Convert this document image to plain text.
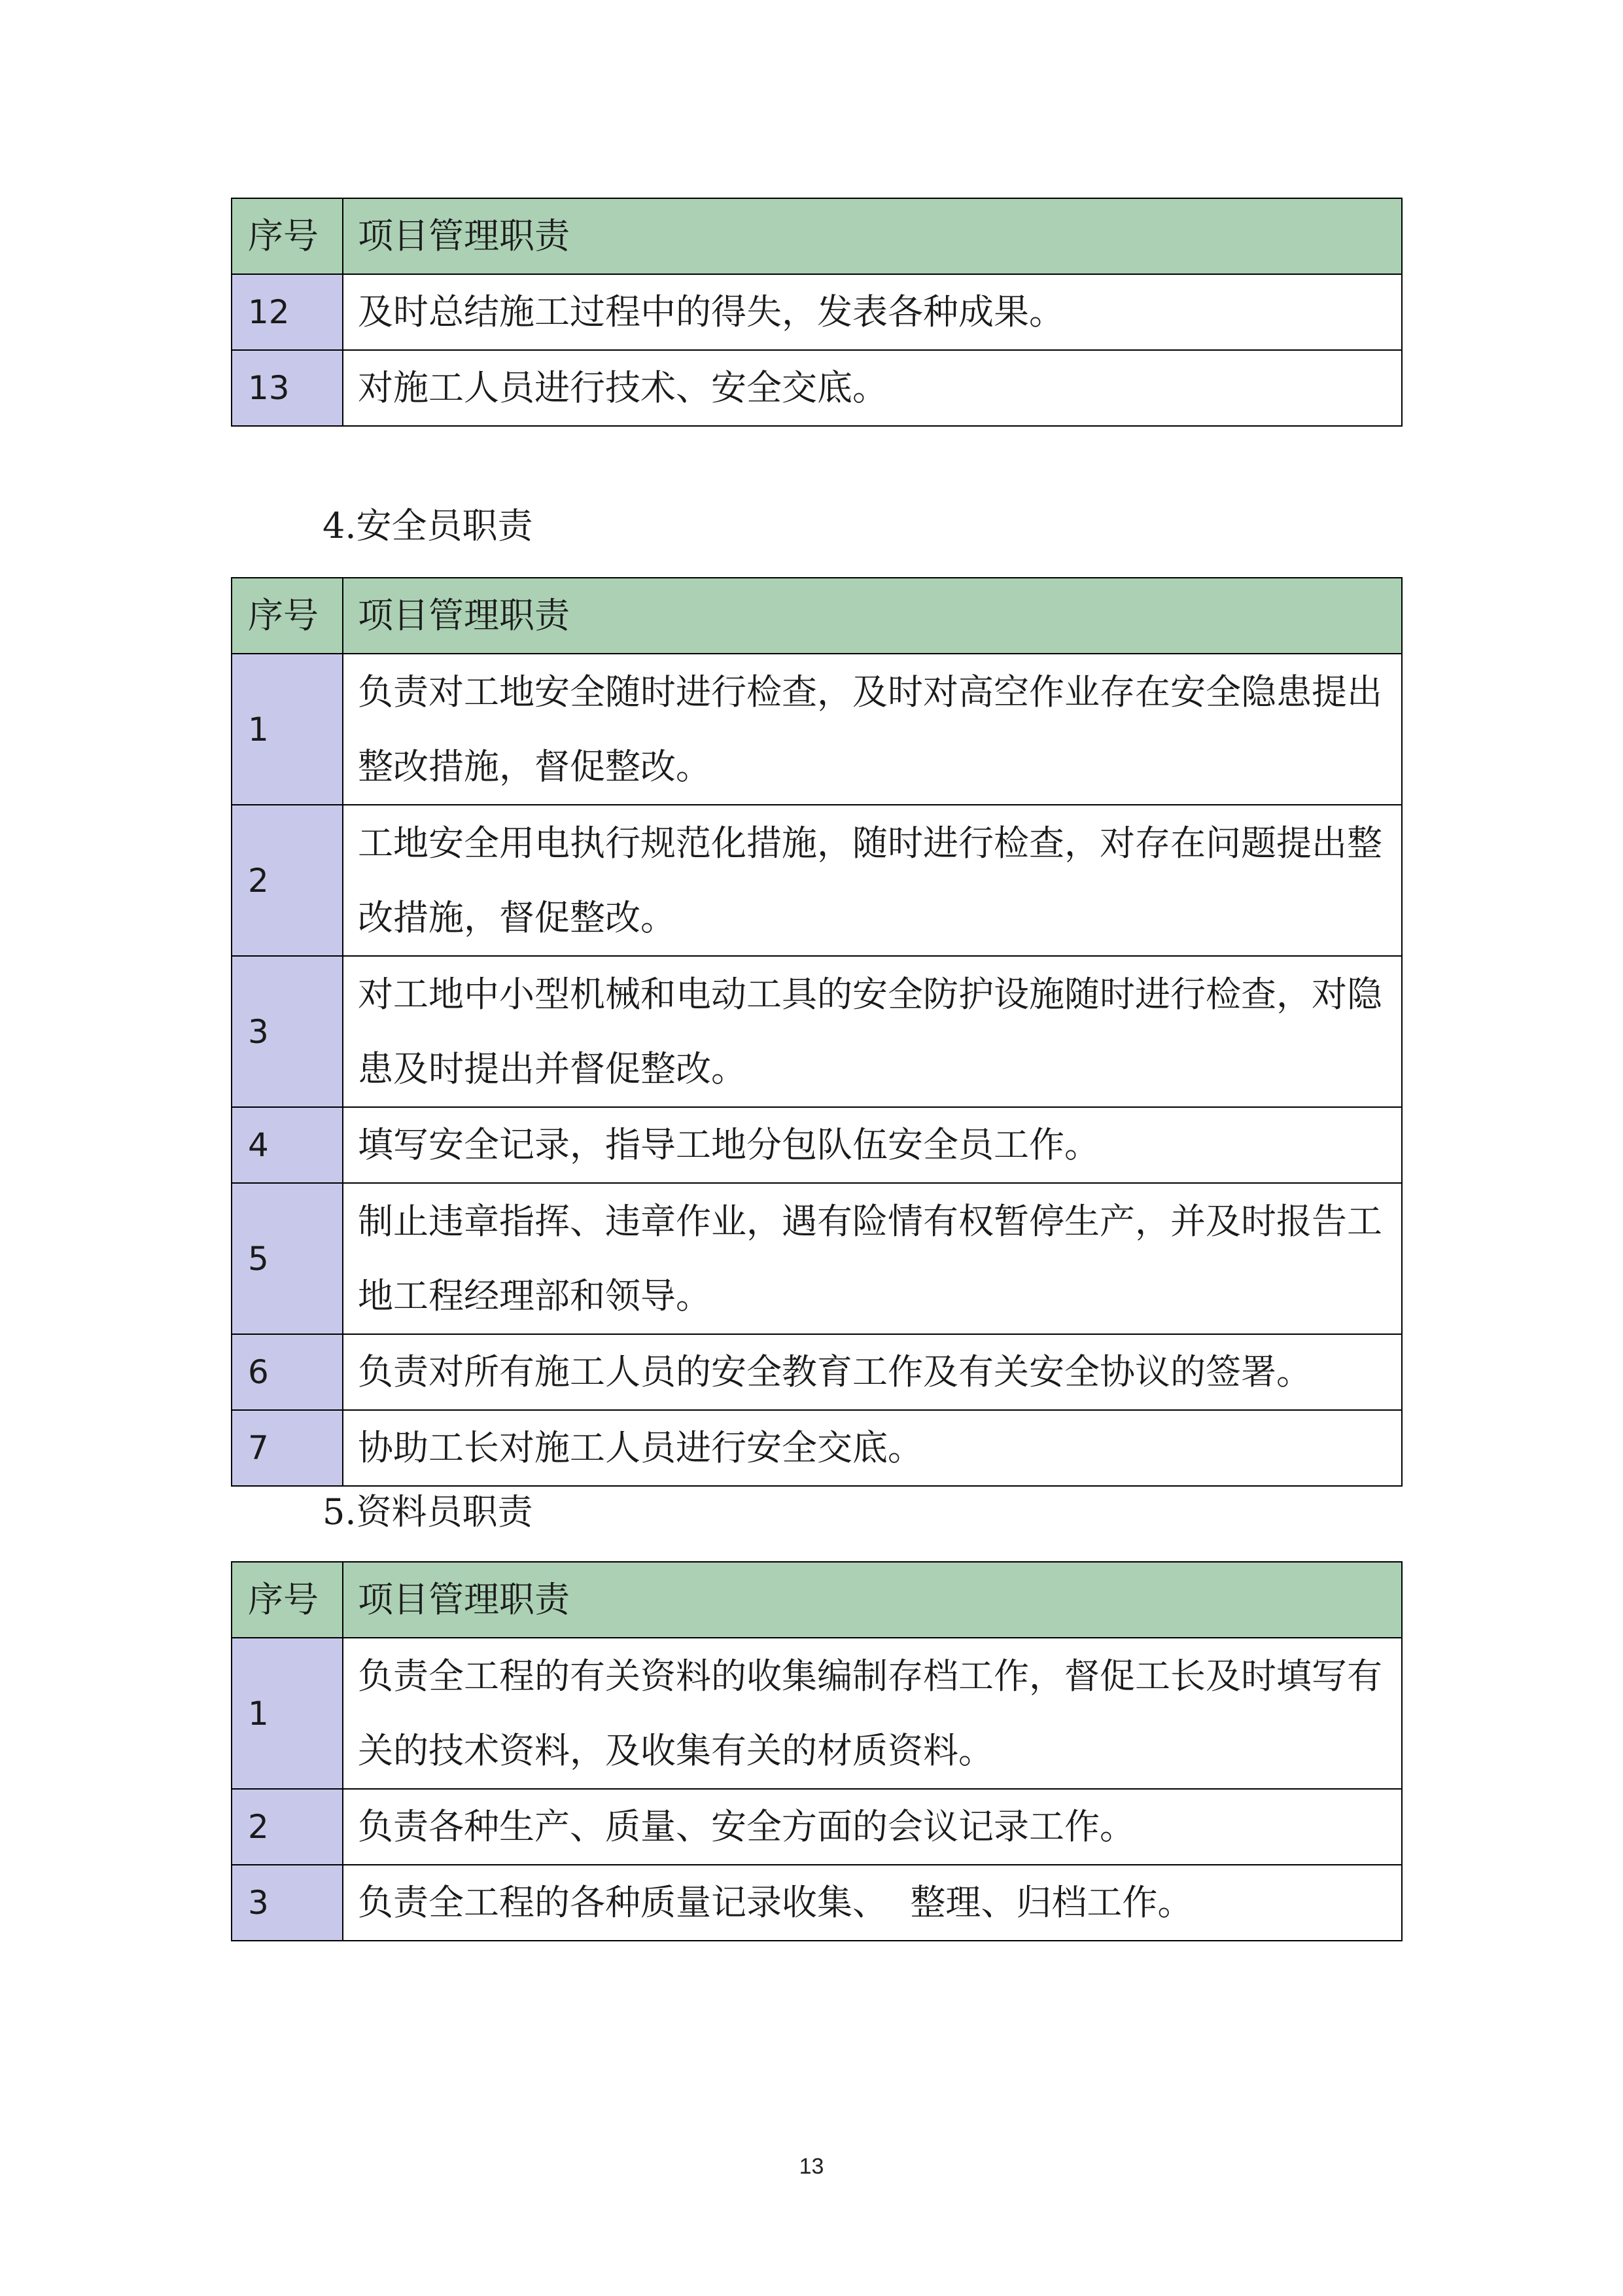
序号	项目管理职责
12	及时总结施工过程中的得失，发表各种成果。
13	对施工人员进行技术、安全交底。
4.安全员职责
序号	项目管理职责
1	负责对工地安全随时进行检查，及时对高空作业存在安全隐患提出整改措施，督促整改。
2	工地安全用电执行规范化措施，随时进行检查，对存在问题提出整改措施，督促整改。
3	对工地中小型机械和电动工具的安全防护设施随时进行检查，对隐患及时提出并督促整改。
4	填写安全记录，指导工地分包队伍安全员工作。
5	制止违章指挥、违章作业，遇有险情有权暂停生产，并及时报告工地工程经理部和领导。
6	负责对所有施工人员的安全教育工作及有关安全协议的签署。
7	协助工长对施工人员进行安全交底。
5.资料员职责
序号	项目管理职责
1	负责全工程的有关资料的收集编制存档工作，督促工长及时填写有关的技术资料，及收集有关的材质资料。
2	负责各种生产、质量、安全方面的会议记录工作。
3	负责全工程的各种质量记录收集、  整理、归档工作。
13
